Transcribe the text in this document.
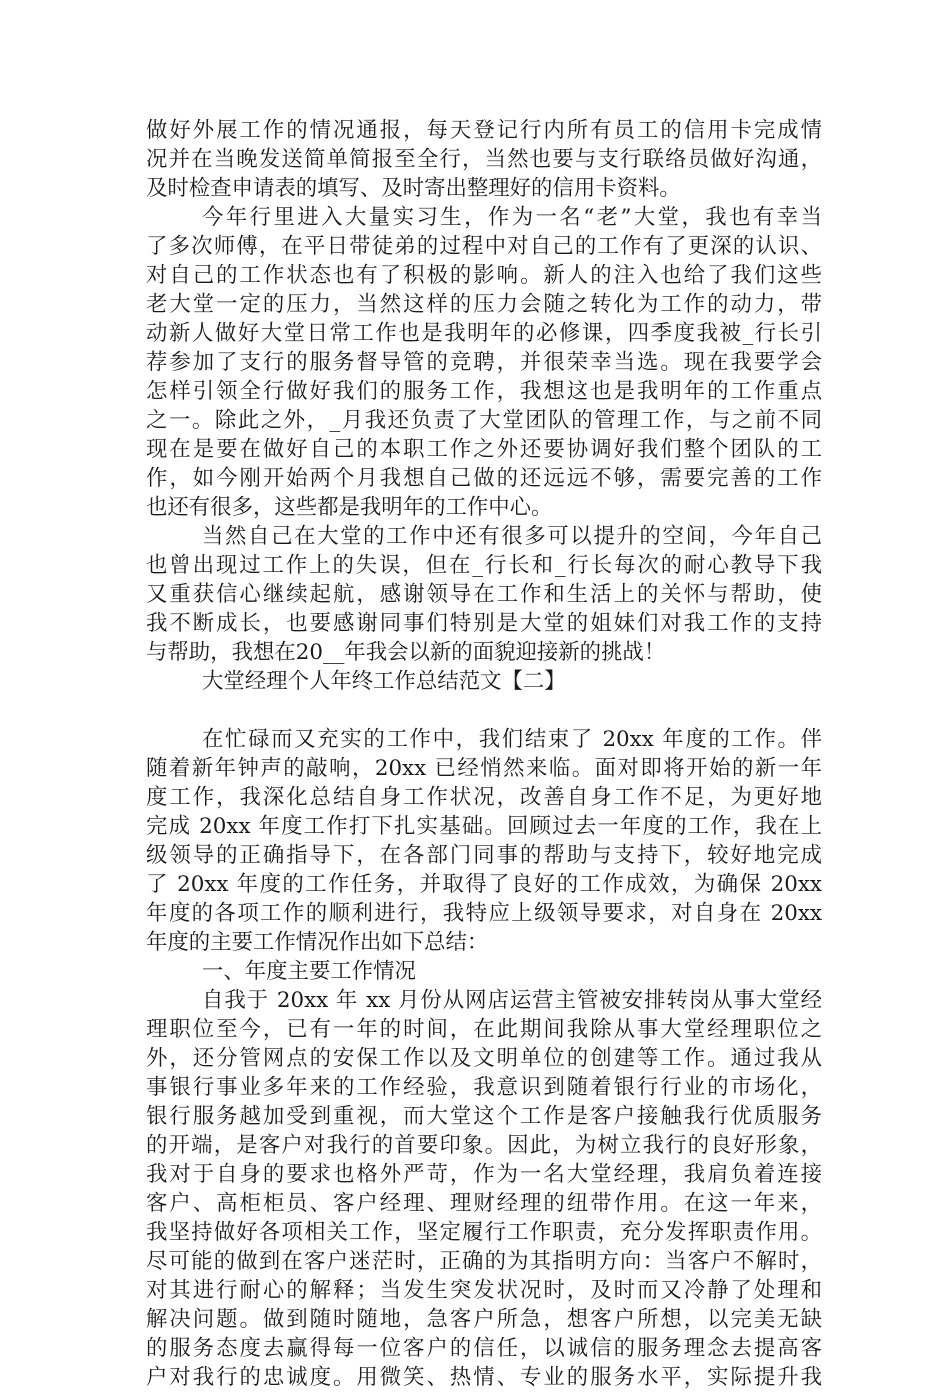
做好外展工作的情况通报，每天登记行内所有员工的信用卡完成情
况并在当晚发送简单简报至全行，当然也要与支行联络员做好沟通，
及时检查申请表的填写、及时寄出整理好的信用卡资料。
今年行里进入大量实习生，作为一名“老”大堂，我也有幸当
了多次师傅，在平日带徒弟的过程中对自己的工作有了更深的认识、
对自己的工作状态也有了积极的影响。新人的注入也给了我们这些
老大堂一定的压力，当然这样的压力会随之转化为工作的动力，带
动新人做好大堂日常工作也是我明年的必修课，四季度我被_行长引
荐参加了支行的服务督导管的竞聘，并很荣幸当选。现在我要学会
怎样引领全行做好我们的服务工作，我想这也是我明年的工作重点
之一。除此之外，_月我还负责了大堂团队的管理工作，与之前不同
现在是要在做好自己的本职工作之外还要协调好我们整个团队的工
作，如今刚开始两个月我想自己做的还远远不够，需要完善的工作
也还有很多，这些都是我明年的工作中心。
当然自己在大堂的工作中还有很多可以提升的空间，今年自己
也曾出现过工作上的失误，但在_行长和_行长每次的耐心教导下我
又重获信心继续起航，感谢领导在工作和生活上的关怀与帮助，使
我不断成长，也要感谢同事们特别是大堂的姐妹们对我工作的支持
与帮助，我想在20__年我会以新的面貌迎接新的挑战！
大堂经理个人年终工作总结范文【二】
在忙碌而又充实的工作中，我们结束了 20xx 年度的工作。伴
随着新年钟声的敲响，20xx 已经悄然来临。面对即将开始的新一年
度工作，我深化总结自身工作状况，改善自身工作不足，为更好地
完成 20xx 年度工作打下扎实基础。回顾过去一年度的工作，我在上
级领导的正确指导下，在各部门同事的帮助与支持下，较好地完成
了 20xx 年度的工作任务，并取得了良好的工作成效，为确保 20xx
年度的各项工作的顺利进行，我特应上级领导要求，对自身在 20xx
年度的主要工作情况作出如下总结：
一、年度主要工作情况
自我于 20xx 年 xx 月份从网店运营主管被安排转岗从事大堂经
理职位至今，已有一年的时间，在此期间我除从事大堂经理职位之
外，还分管网点的安保工作以及文明单位的创建等工作。通过我从
事银行事业多年来的工作经验，我意识到随着银行行业的市场化，
银行服务越加受到重视，而大堂这个工作是客户接触我行优质服务
的开端，是客户对我行的首要印象。因此，为树立我行的良好形象，
我对于自身的要求也格外严苛，作为一名大堂经理，我肩负着连接
客户、高柜柜员、客户经理、理财经理的纽带作用。在这一年来，
我坚持做好各项相关工作，坚定履行工作职责，充分发挥职责作用。
尽可能的做到在客户迷茫时，正确的为其指明方向：当客户不解时，
对其进行耐心的解释；当发生突发状况时，及时而又冷静了处理和
解决问题。做到随时随地，急客户所急，想客户所想，以完美无缺
的服务态度去赢得每一位客户的信任，以诚信的服务理念去提高客
户对我行的忠诚度。用微笑、热情、专业的服务水平，实际提升我
